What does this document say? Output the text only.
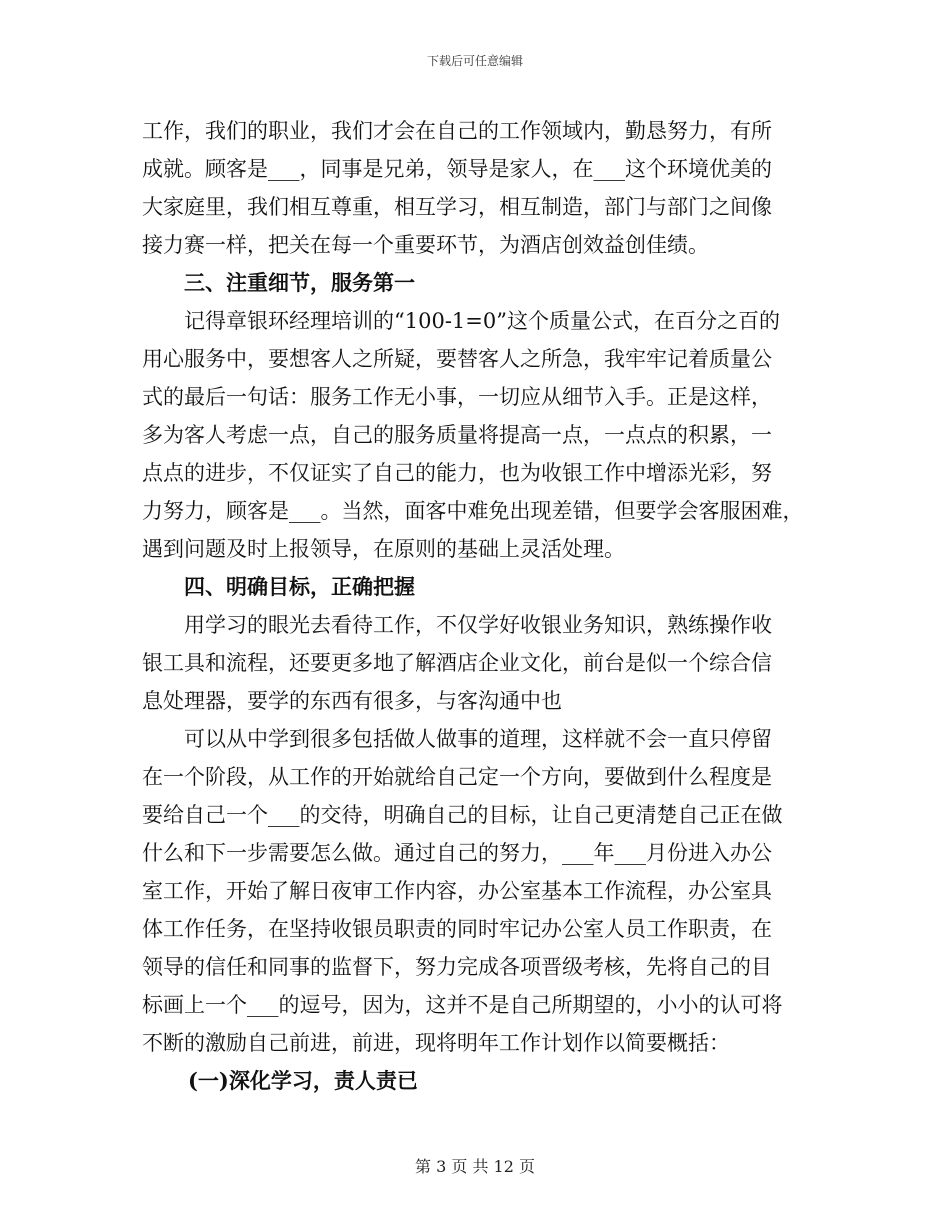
下载后可任意编辑

工作，我们的职业，我们才会在自己的工作领域内，勤恳努力，有所

成就。顾客是___，同事是兄弟，领导是家人，在___这个环境优美的

大家庭里，我们相互尊重，相互学习，相互制造，部门与部门之间像

接力赛一样，把关在每一个重要环节，为酒店创效益创佳绩。

三、注重细节，服务第一

记得章银环经理培训的“100-1=0”这个质量公式，在百分之百的

用心服务中，要想客人之所疑，要替客人之所急，我牢牢记着质量公

式的最后一句话：服务工作无小事，一切应从细节入手。正是这样，

多为客人考虑一点，自己的服务质量将提高一点，一点点的积累，一

点点的进步，不仅证实了自己的能力，也为收银工作中增添光彩，努

力努力，顾客是___。当然，面客中难免出现差错，但要学会客服困难，

遇到问题及时上报领导，在原则的基础上灵活处理。

四、明确目标，正确把握

用学习的眼光去看待工作，不仅学好收银业务知识，熟练操作收

银工具和流程，还要更多地了解酒店企业文化，前台是似一个综合信

息处理器，要学的东西有很多，与客沟通中也

可以从中学到很多包括做人做事的道理，这样就不会一直只停留

在一个阶段，从工作的开始就给自己定一个方向，要做到什么程度是

要给自己一个___的交待，明确自己的目标，让自己更清楚自己正在做

什么和下一步需要怎么做。通过自己的努力，___年___月份进入办公

室工作，开始了解日夜审工作内容，办公室基本工作流程，办公室具

体工作任务，在坚持收银员职责的同时牢记办公室人员工作职责，在

领导的信任和同事的监督下，努力完成各项晋级考核，先将自己的目

标画上一个___的逗号，因为，这并不是自己所期望的，小小的认可将

不断的激励自己前进，前进，现将明年工作计划作以简要概括：

(一)深化学习，责人责已

第 3 页 共 12 页
